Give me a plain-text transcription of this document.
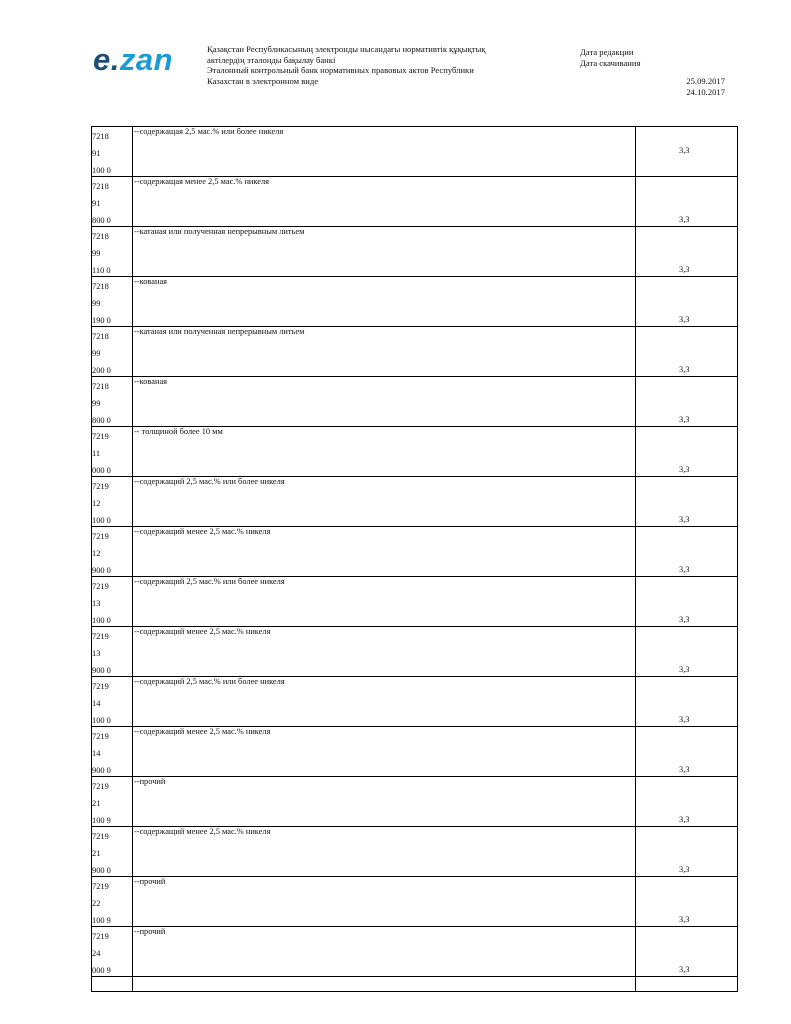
e.zan	Қазақстан Республикасының электронды нысандағы нормативтік құқықтық
актілердің эталонды бақылау банкі
Эталонный контрольный банк нормативных правовых актов Республики
Казахстан в электронном виде
Дата редакции
Дата скачивания
25.09.2017
24.10.2017
7218
91
100 0
--содержащая 2,5 мас.% или более никеля
3,3
7218
91
800 0
--содержащая менее 2,5 мас.% никеля
3,3
7218
99
110 0
--катаная или полученная непрерывным литьем
3,3
7218
99
190 0
--кованая
3,3
7218
99
200 0
--катаная или полученная непрерывным литьем
3,3
7218
99
800 0
--кованая
3,3
7219
11
000 0
-- толщиной более 10 мм
3,3
7219
12
100 0
--содержащий 2,5 мас.% или более никеля
3,3
7219
12
900 0
--содержащий менее 2,5 мас.% никеля
3,3
7219
13
100 0
--содержащий 2,5 мас.% или более никеля
3,3
7219
13
900 0
--содержащий менее 2,5 мас.% никеля
3,3
7219
14
100 0
--содержащий 2,5 мас.% или более никеля
3,3
7219
14
900 0
--содержащий менее 2,5 мас.% никеля
3,3
7219
21
100 9
--прочий
3,3
7219
21
900 0
--содержащий менее 2,5 мас.% никеля
3,3
7219
22
100 9
--прочий
3,3
7219
24
000 9
--прочий
3,3
